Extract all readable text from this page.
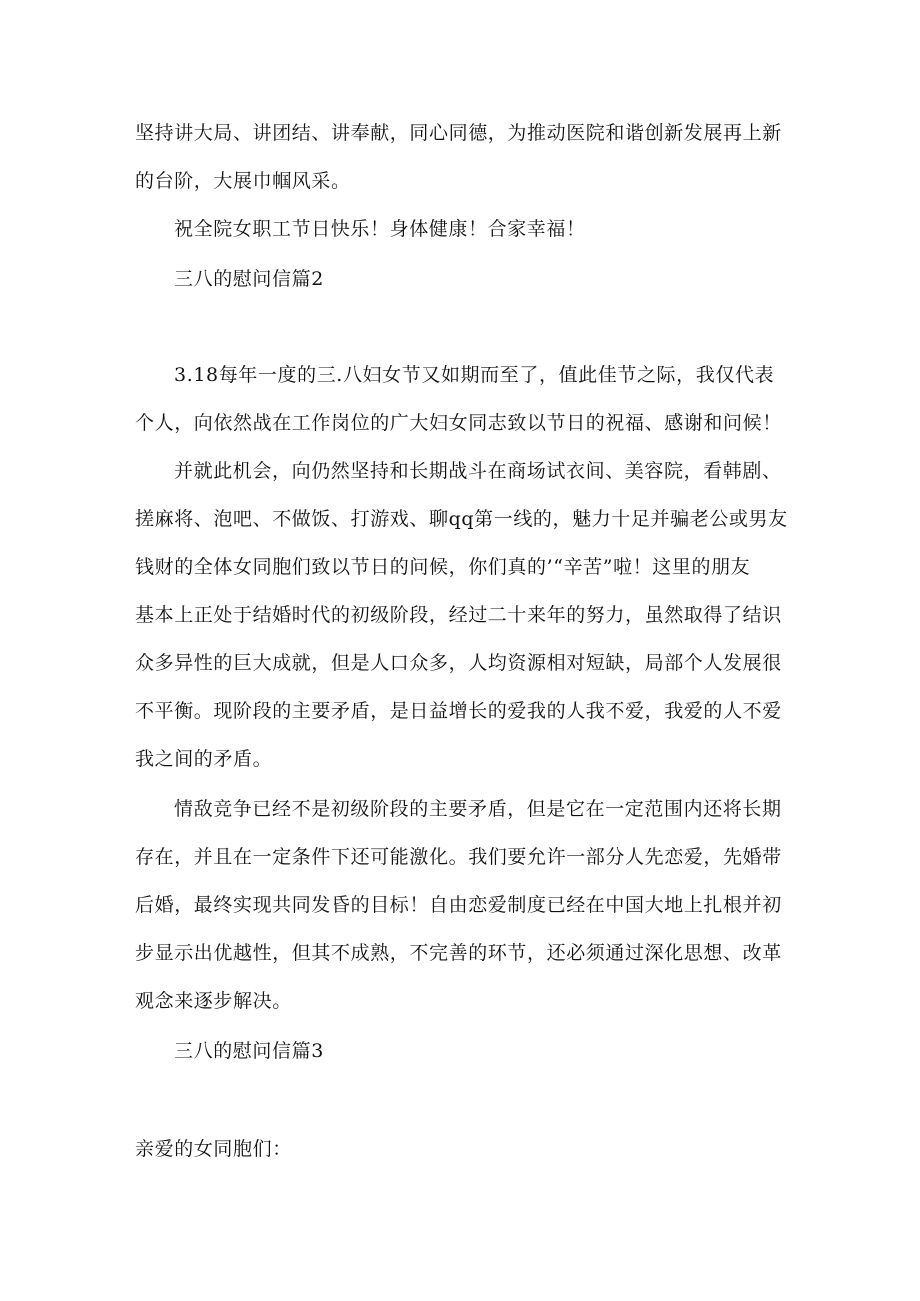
坚持讲大局、讲团结、讲奉献，同心同德，为推动医院和谐创新发展再上新
的台阶，大展巾帼风采。
祝全院女职工节日快乐！身体健康！合家幸福！
三八的慰问信篇2
3.18每年一度的三.八妇女节又如期而至了，值此佳节之际，我仅代表
个人，向依然战在工作岗位的广大妇女同志致以节日的祝福、感谢和问候！
并就此机会，向仍然坚持和长期战斗在商场试衣间、美容院，看韩剧、
搓麻将、泡吧、不做饭、打游戏、聊qq第一线的，魅力十足并骗老公或男友
钱财的全体女同胞们致以节日的问候，你们真的’“辛苦”啦！这里的朋友
基本上正处于结婚时代的初级阶段，经过二十来年的努力，虽然取得了结识
众多异性的巨大成就，但是人口众多，人均资源相对短缺，局部个人发展很
不平衡。现阶段的主要矛盾，是日益增长的爱我的人我不爱，我爱的人不爱
我之间的矛盾。
情敌竞争已经不是初级阶段的主要矛盾，但是它在一定范围内还将长期
存在，并且在一定条件下还可能激化。我们要允许一部分人先恋爱，先婚带
后婚，最终实现共同发昏的目标！自由恋爱制度已经在中国大地上扎根并初
步显示出优越性，但其不成熟，不完善的环节，还必须通过深化思想、改革
观念来逐步解决。
三八的慰问信篇3
亲爱的女同胞们：
